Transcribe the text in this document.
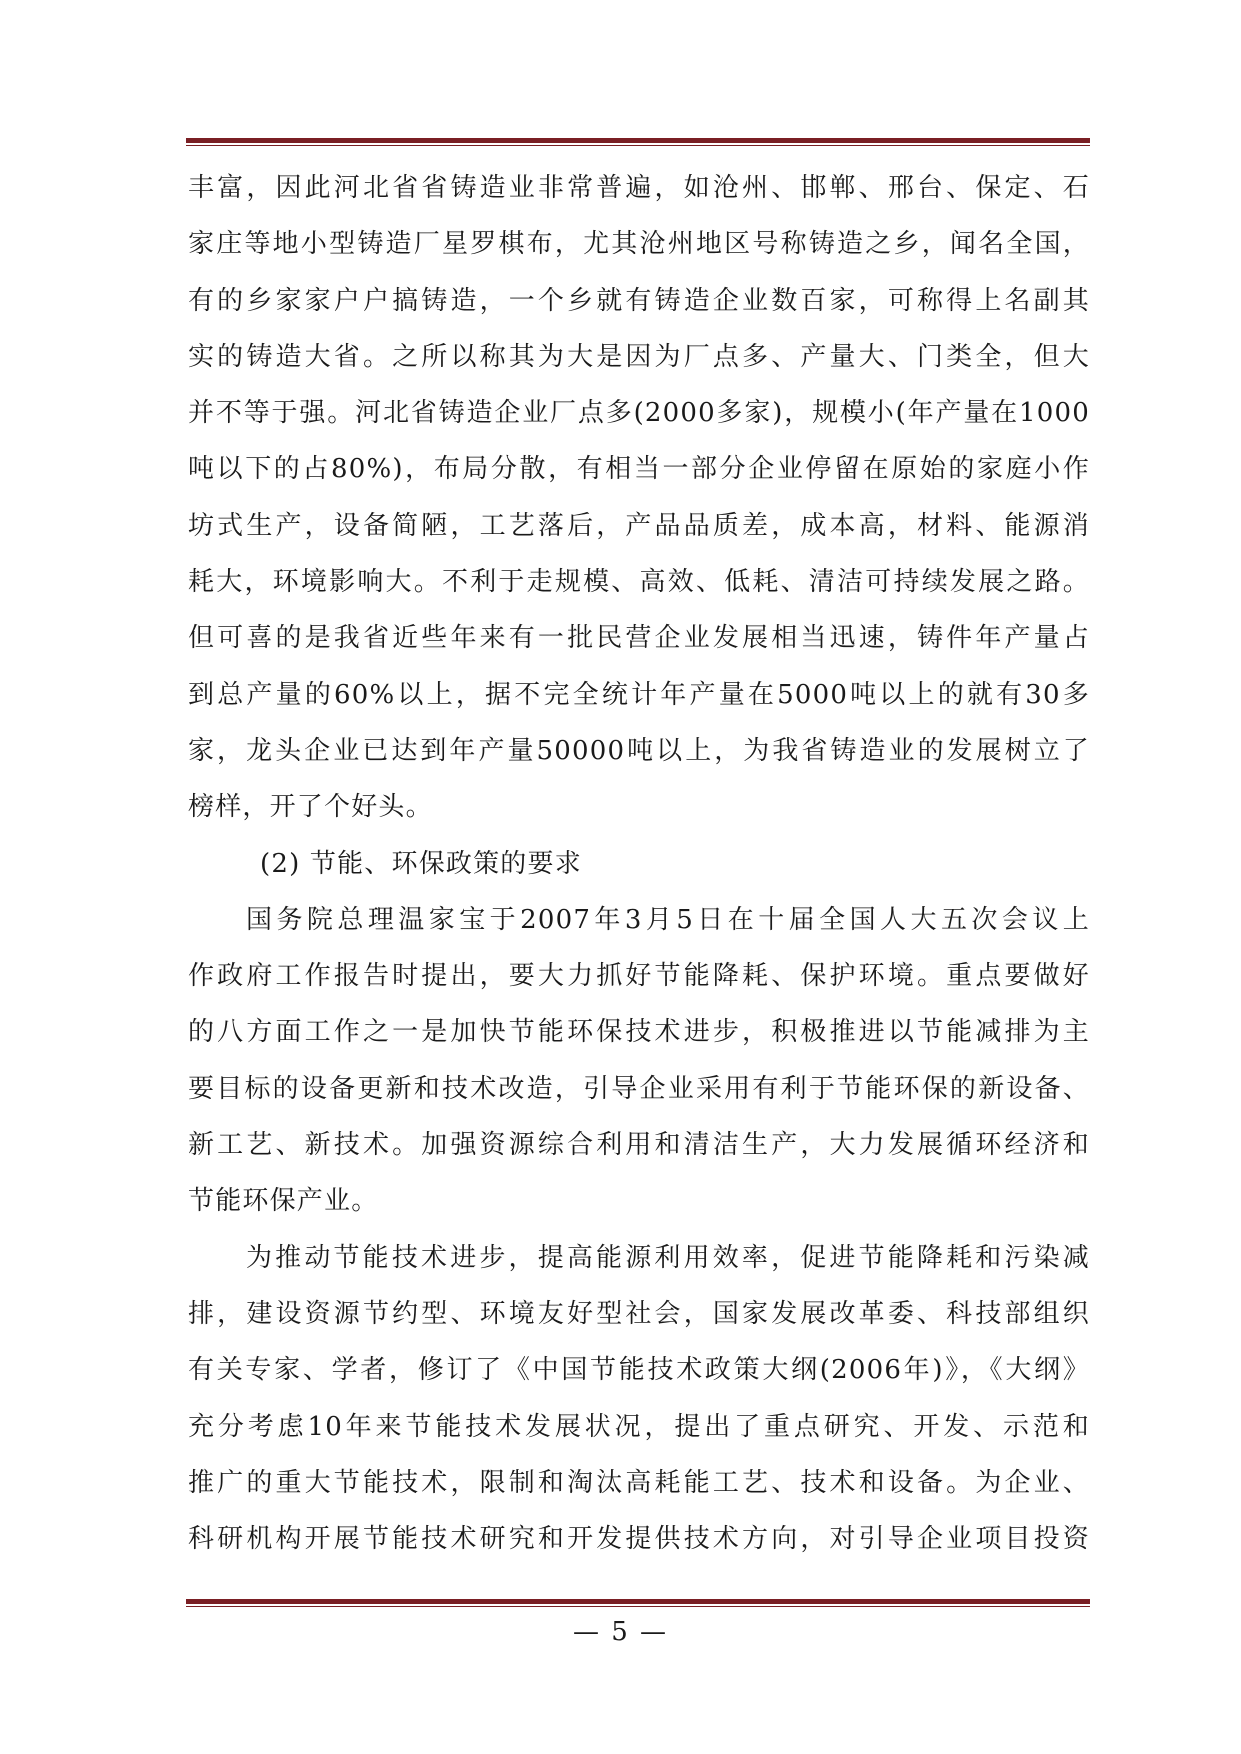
丰富，因此河北省省铸造业非常普遍，如沧州、邯郸、邢台、保定、石
家庄等地小型铸造厂星罗棋布，尤其沧州地区号称铸造之乡，闻名全国，
有的乡家家户户搞铸造，一个乡就有铸造企业数百家，可称得上名副其
实的铸造大省。之所以称其为大是因为厂点多、产量大、门类全，但大
并不等于强。河北省铸造企业厂点多(2000多家)，规模小(年产量在1000
吨以下的占80%)，布局分散，有相当一部分企业停留在原始的家庭小作
坊式生产，设备简陋，工艺落后，产品品质差，成本高，材料、能源消
耗大，环境影响大。不利于走规模、高效、低耗、清洁可持续发展之路。
但可喜的是我省近些年来有一批民营企业发展相当迅速，铸件年产量占
到总产量的60%以上，据不完全统计年产量在5000吨以上的就有30多
家，龙头企业已达到年产量50000吨以上，为我省铸造业的发展树立了
榜样，开了个好头。
(2) 节能、环保政策的要求
国务院总理温家宝于2007年3月5日在十届全国人大五次会议上
作政府工作报告时提出，要大力抓好节能降耗、保护环境。重点要做好
的八方面工作之一是加快节能环保技术进步，积极推进以节能减排为主
要目标的设备更新和技术改造，引导企业采用有利于节能环保的新设备、
新工艺、新技术。加强资源综合利用和清洁生产，大力发展循环经济和
节能环保产业。
为推动节能技术进步，提高能源利用效率，促进节能降耗和污染减
排，建设资源节约型、环境友好型社会，国家发展改革委、科技部组织
有关专家、学者，修订了《中国节能技术政策大纲(2006年)》，《大纲》
充分考虑10年来节能技术发展状况，提出了重点研究、开发、示范和
推广的重大节能技术，限制和淘汰高耗能工艺、技术和设备。为企业、
科研机构开展节能技术研究和开发提供技术方向，对引导企业项目投资
— 5 —
